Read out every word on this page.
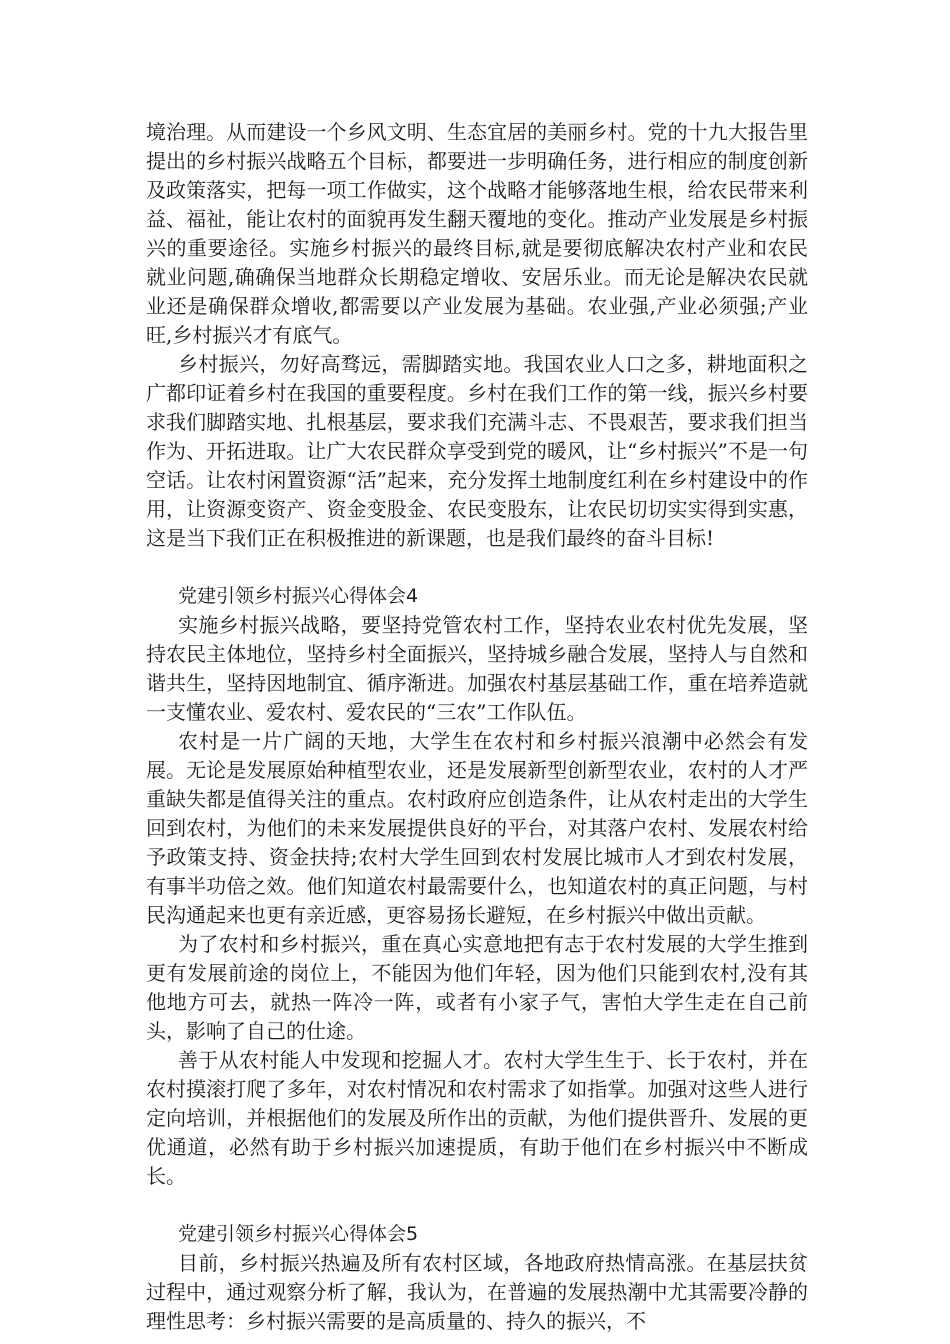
境治理。从而建设一个乡风文明、生态宜居的美丽乡村。党的十九大报告里提出的乡村振兴战略五个目标，都要进一步明确任务，进行相应的制度创新及政策落实，把每一项工作做实，这个战略才能够落地生根，给农民带来利益、福祉，能让农村的面貌再发生翻天覆地的变化。推动产业发展是乡村振兴的重要途径。实施乡村振兴的最终目标,就是要彻底解决农村产业和农民就业问题,确确保当地群众长期稳定增收、安居乐业。而无论是解决农民就业还是确保群众增收,都需要以产业发展为基础。农业强,产业必须强;产业旺,乡村振兴才有底气。

乡村振兴，勿好高骛远，需脚踏实地。我国农业人口之多，耕地面积之广都印证着乡村在我国的重要程度。乡村在我们工作的第一线，振兴乡村要求我们脚踏实地、扎根基层，要求我们充满斗志、不畏艰苦，要求我们担当作为、开拓进取。让广大农民群众享受到党的暖风，让“乡村振兴”不是一句空话。让农村闲置资源“活”起来，充分发挥土地制度红利在乡村建设中的作用，让资源变资产、资金变股金、农民变股东，让农民切切实实得到实惠，这是当下我们正在积极推进的新课题，也是我们最终的奋斗目标!

党建引领乡村振兴心得体会4

实施乡村振兴战略，要坚持党管农村工作，坚持农业农村优先发展，坚持农民主体地位，坚持乡村全面振兴，坚持城乡融合发展，坚持人与自然和谐共生，坚持因地制宜、循序渐进。加强农村基层基础工作，重在培养造就一支懂农业、爱农村、爱农民的“三农”工作队伍。

农村是一片广阔的天地，大学生在农村和乡村振兴浪潮中必然会有发展。无论是发展原始种植型农业，还是发展新型创新型农业，农村的人才严重缺失都是值得关注的重点。农村政府应创造条件，让从农村走出的大学生回到农村，为他们的未来发展提供良好的平台，对其落户农村、发展农村给予政策支持、资金扶持;农村大学生回到农村发展比城市人才到农村发展，有事半功倍之效。他们知道农村最需要什么，也知道农村的真正问题，与村民沟通起来也更有亲近感，更容易扬长避短，在乡村振兴中做出贡献。

为了农村和乡村振兴，重在真心实意地把有志于农村发展的大学生推到更有发展前途的岗位上，不能因为他们年轻，因为他们只能到农村,没有其他地方可去，就热一阵冷一阵，或者有小家子气，害怕大学生走在自己前头，影响了自己的仕途。

善于从农村能人中发现和挖掘人才。农村大学生生于、长于农村，并在农村摸滚打爬了多年，对农村情况和农村需求了如指掌。加强对这些人进行定向培训，并根据他们的发展及所作出的贡献，为他们提供晋升、发展的更优通道，必然有助于乡村振兴加速提质，有助于他们在乡村振兴中不断成长。

党建引领乡村振兴心得体会5

目前，乡村振兴热遍及所有农村区域，各地政府热情高涨。在基层扶贫过程中，通过观察分析了解，我认为，在普遍的发展热潮中尤其需要冷静的理性思考：乡村振兴需要的是高质量的、持久的振兴，不
